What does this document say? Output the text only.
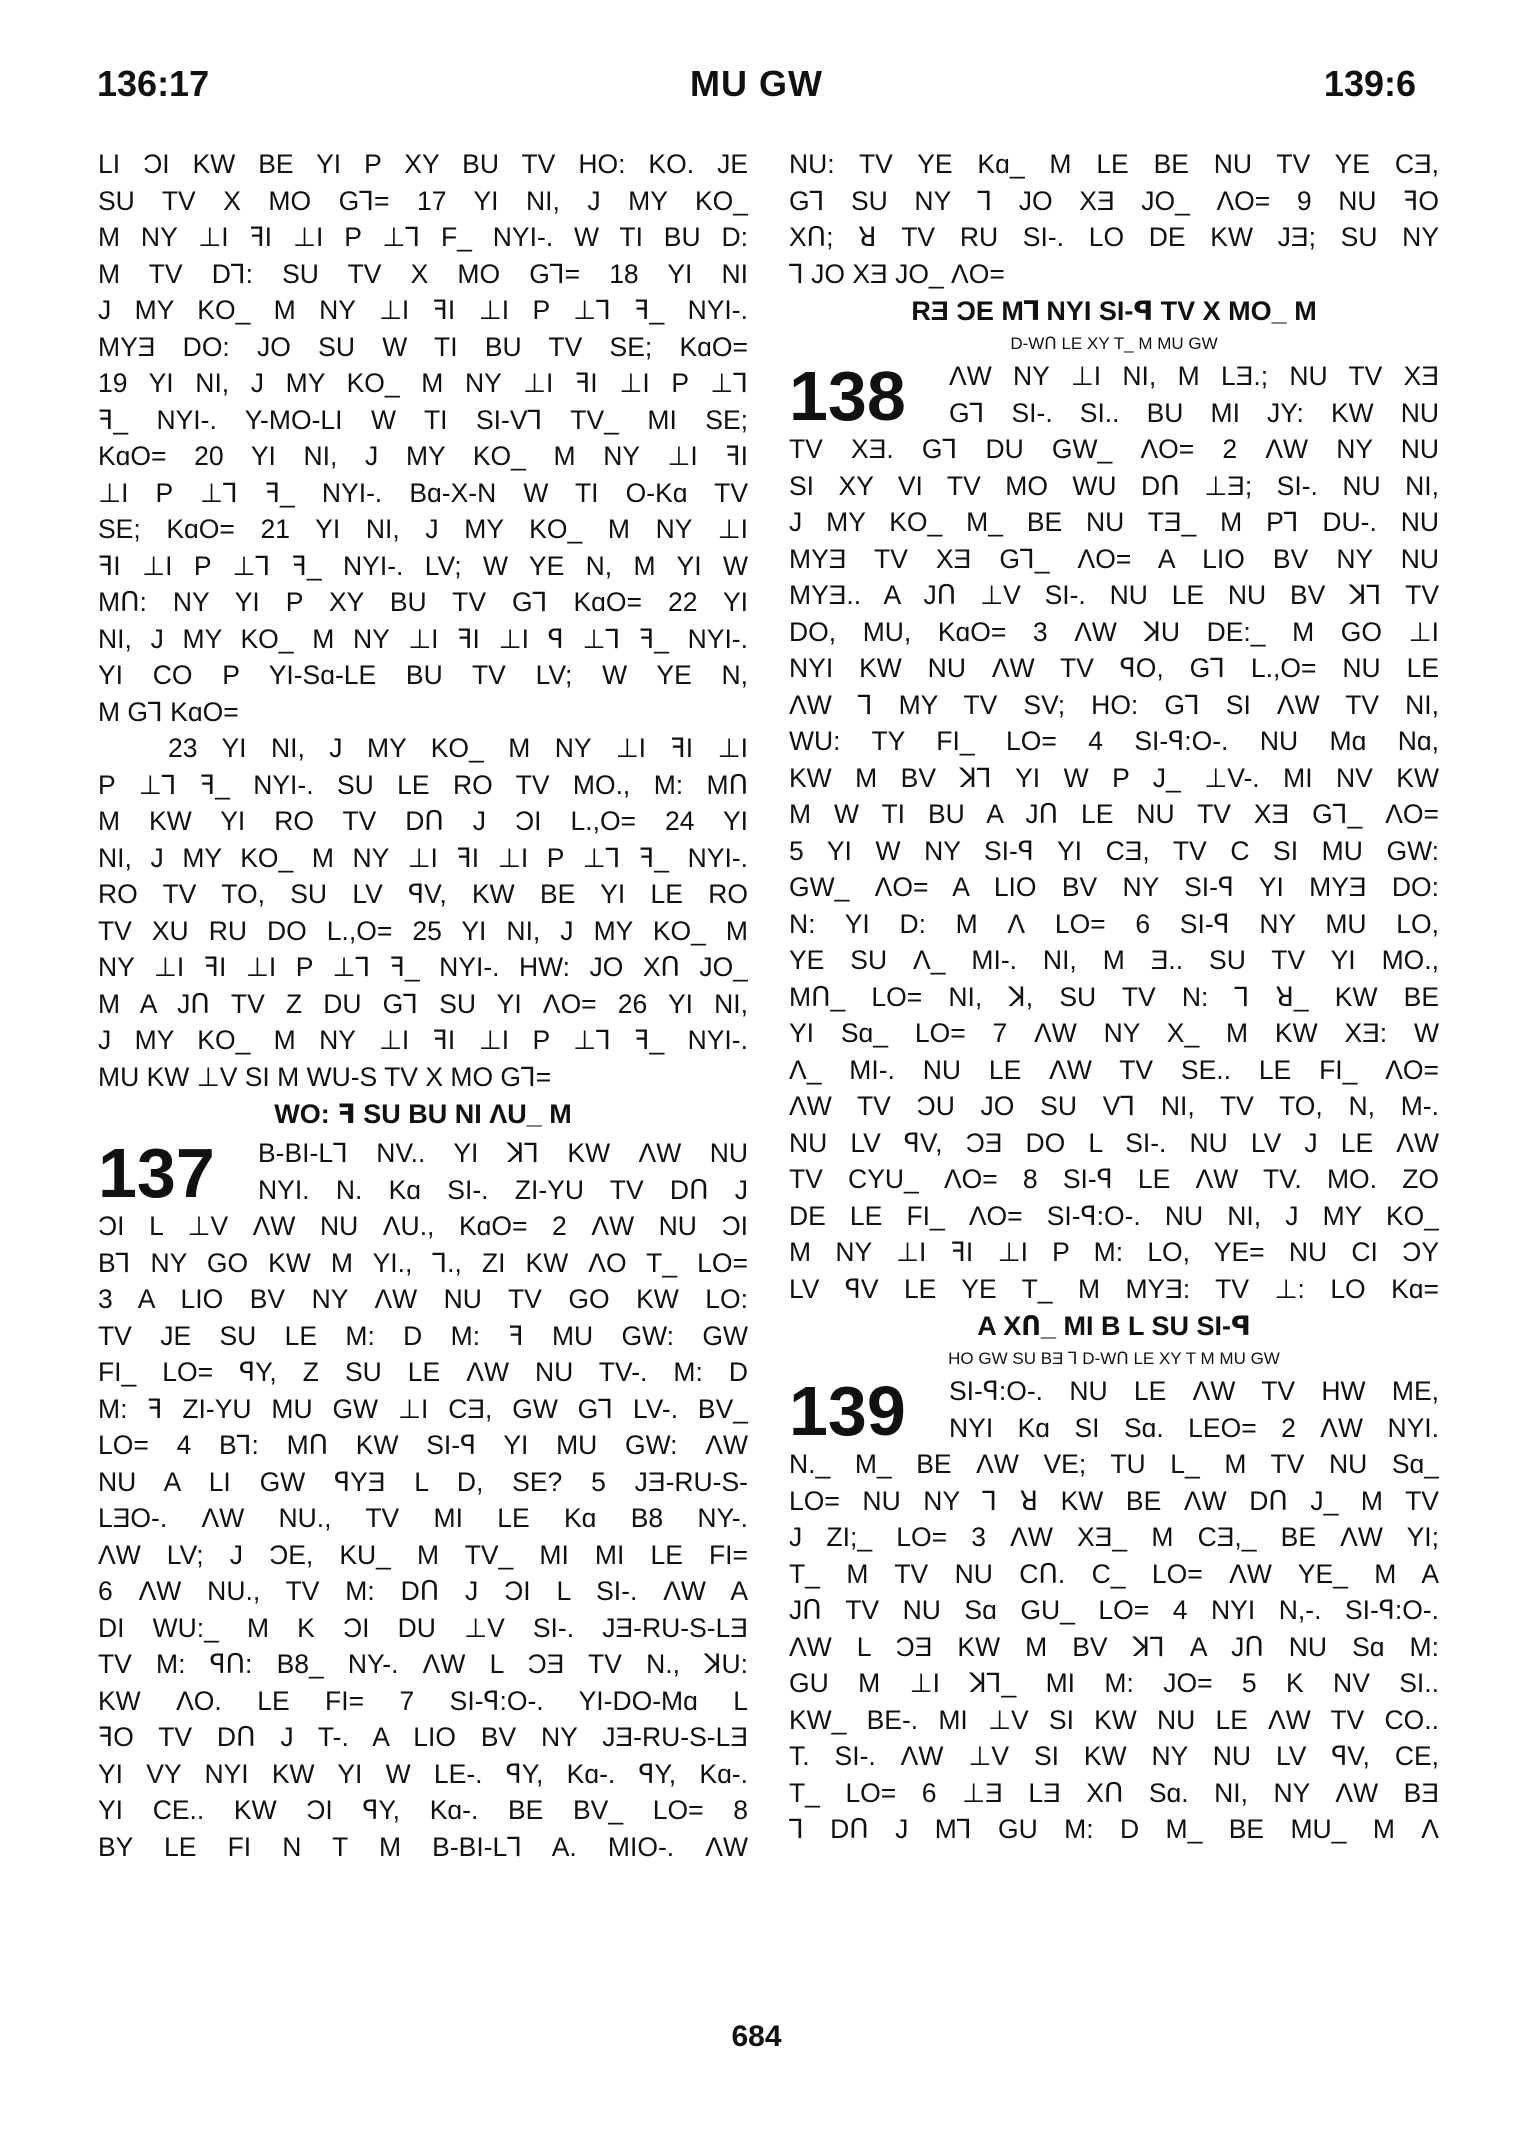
136:17	MU GW	139:6
LI ƆI KW BE YI P XY BU TV HO: KO. JE
SU TV X MO G⅂= 17 YI NI, J MY KO_
M NY ⊥I ꟻI ⊥I P ⊥⅂ F_ NYI-. W TI BU D:
M TV D⅂: SU TV X MO G⅂= 18 YI NI
J MY KO_ M NY ⊥I ꟻI ⊥I P ⊥⅂ ꟻ_ NYI-.
MYƎ DO: JO SU W TI BU TV SE; KɑO=
19 YI NI, J MY KO_ M NY ⊥I ꟻI ⊥I P ⊥⅂
ꟻ_ NYI-. Y-MO-LI W TI SI-V⅂ TV_ MI SE;
KɑO= 20 YI NI, J MY KO_ M NY ⊥I ꟻI
⊥I P ⊥⅂ ꟻ_ NYI-. Bɑ-X-N W TI O-Kɑ TV
SE; KɑO= 21 YI NI, J MY KO_ M NY ⊥I
ꟻI ⊥I P ⊥⅂ ꟻ_ NYI-. LV; W YE N, M YI W
MՈ: NY YI P XY BU TV G⅂ KɑO= 22 YI
NI, J MY KO_ M NY ⊥I ꟻI ⊥I ꟼ ⊥⅂ ꟻ_ NYI-.
YI CO P YI-Sɑ-LE BU TV LV; W YE N,
M G⅂ KɑO=
23 YI NI, J MY KO_ M NY ⊥I ꟻI ⊥I
P ⊥⅂ ꟻ_ NYI-. SU LE RO TV MO., M: MՈ
M KW YI RO TV DՈ J ƆI L.,O= 24 YI
NI, J MY KO_ M NY ⊥I ꟻI ⊥I P ⊥⅂ ꟻ_ NYI-.
RO TV TO, SU LV ꟼV, KW BE YI LE RO
TV XU RU DO L.,O= 25 YI NI, J MY KO_ M
NY ⊥I ꟻI ⊥I P ⊥⅂ ꟻ_ NYI-. HW: JO XՈ JO_
M A JՈ TV Z DU G⅂ SU YI ɅO= 26 YI NI,
J MY KO_ M NY ⊥I ꟻI ⊥I P ⊥⅂ ꟻ_ NYI-.
MU KW ⊥V SI M WU-S TV X MO G⅂=
WO: ꟻ SU BU NI ɅU_ M
137	B-BI-L⅂ NV.. YI ꓘ⅂ KW ɅW NU
NYI. N. Kɑ SI-. ZI-YU TV DՈ J
ƆI L ⊥V ɅW NU ɅU., KɑO= 2 ɅW NU ƆI
B⅂ NY GO KW M YI., ⅂., ZI KW ɅO T_ LO=
3 A LIO BV NY ɅW NU TV GO KW LO:
TV JE SU LE M: D M: ꟻ MU GW: GW
FI_ LO= ꟼY, Z SU LE ɅW NU TV-. M: D
M: ꟻ ZI-YU MU GW ⊥I CƎ, GW G⅂ LV-. BV_
LO= 4 B⅂: MՈ KW SI-ꟼ YI MU GW: ɅW
NU A LI GW ꟼYƎ L D, SE? 5 JƎ-RU-S-
LƎO-. ɅW NU., TV MI LE Kɑ B8 NY-.
ɅW LV; J ƆE, KU_ M TV_ MI MI LE FI=
6 ɅW NU., TV M: DՈ J ƆI L SI-. ɅW A
DI WU:_ M K ƆI DU ⊥V SI-. JƎ-RU-S-LƎ
TV M: ꟼՈ: B8_ NY-. ɅW L ƆƎ TV N., ꓘU:
KW ɅO. LE FI= 7 SI-ꟼ:O-. YI-DO-Mɑ L
ꟻO TV DՈ J T-. A LIO BV NY JƎ-RU-S-LƎ
YI VY NYI KW YI W LE-. ꟼY, Kɑ-. ꟼY, Kɑ-.
YI CE.. KW ƆI ꟼY, Kɑ-. BE BV_ LO= 8
BY LE FI N T M B-BI-L⅂ A. MIO-. ɅW
NU: TV YE Kɑ_ M LE BE NU TV YE CƎ,
G⅂ SU NY ⅂ JO XƎ JO_ ɅO= 9 NU ꟻO
XՈ; ꓤ TV RU SI-. LO DE KW JƎ; SU NY
⅂ JO XƎ JO_ ɅO=
RƎ ƆE M⅂ NYI SI-ꟼ TV X MO_ M
D-WՈ LE XY T_ M MU GW
138	ɅW NY ⊥I NI, M LƎ.; NU TV XƎ
G⅂ SI-. SI.. BU MI JY: KW NU
TV XƎ. G⅂ DU GW_ ɅO= 2 ɅW NY NU
SI XY VI TV MO WU DՈ ⊥Ǝ; SI-. NU NI,
J MY KO_ M_ BE NU TƎ_ M P⅂ DU-. NU
MYƎ TV XƎ G⅂_ ɅO= A LIO BV NY NU
MYƎ.. A JՈ ⊥V SI-. NU LE NU BV ꓘ⅂ TV
DO, MU, KɑO= 3 ɅW ꓘU DE:_ M GO ⊥I
NYI KW NU ɅW TV ꟼO, G⅂ L.,O= NU LE
ɅW ⅂ MY TV SV; HO: G⅂ SI ɅW TV NI,
WU: TY FI_ LO= 4 SI-ꟼ:O-. NU Mɑ Nɑ,
KW M BV ꓘ⅂ YI W P J_ ⊥V-. MI NV KW
M W TI BU A JՈ LE NU TV XƎ G⅂_ ɅO=
5 YI W NY SI-ꟼ YI CƎ, TV C SI MU GW:
GW_ ɅO= A LIO BV NY SI-ꟼ YI MYƎ DO:
N: YI D: M Ʌ LO= 6 SI-ꟼ NY MU LO,
YE SU Ʌ_ MI-. NI, M Ǝ.. SU TV YI MO.,
MՈ_ LO= NI, ꓘ, SU TV N: ⅂ ꓤ_ KW BE
YI Sɑ_ LO= 7 ɅW NY X_ M KW XƎ: W
Ʌ_ MI-. NU LE ɅW TV SE.. LE FI_ ɅO=
ɅW TV ƆU JO SU V⅂ NI, TV TO, N, M-.
NU LV ꟼV, ƆƎ DO L SI-. NU LV J LE ɅW
TV CYU_ ɅO= 8 SI-ꟼ LE ɅW TV. MO. ZO
DE LE FI_ ɅO= SI-ꟼ:O-. NU NI, J MY KO_
M NY ⊥I ꟻI ⊥I P M: LO, YE= NU CI ƆY
LV ꟼV LE YE T_ M MYƎ: TV ⊥: LO Kɑ=
A XՈ_ MI B L SU SI-ꟼ
HO GW SU BƎ ⅂ D-WՈ LE XY T M MU GW
139	SI-ꟼ:O-. NU LE ɅW TV HW ME,
NYI Kɑ SI Sɑ. LEO= 2 ɅW NYI.
N._ M_ BE ɅW VE; TU L_ M TV NU Sɑ_
LO= NU NY ⅂ ꓤ KW BE ɅW DՈ J_ M TV
J ZI;_ LO= 3 ɅW XƎ_ M CƎ,_ BE ɅW YI;
T_ M TV NU CՈ. C_ LO= ɅW YE_ M A
JՈ TV NU Sɑ GU_ LO= 4 NYI N,-. SI-ꟼ:O-.
ɅW L ƆƎ KW M BV ꓘ⅂ A JՈ NU Sɑ M:
GU M ⊥I ꓘ⅂_ MI M: JO= 5 K NV SI..
KW_ BE-. MI ⊥V SI KW NU LE ɅW TV CO..
T. SI-. ɅW ⊥V SI KW NY NU LV ꟼV, CE,
T_ LO= 6 ⊥Ǝ LƎ XՈ Sɑ. NI, NY ɅW BƎ
⅂ DՈ J M⅂ GU M: D M_ BE MU_ M Ʌ
684
